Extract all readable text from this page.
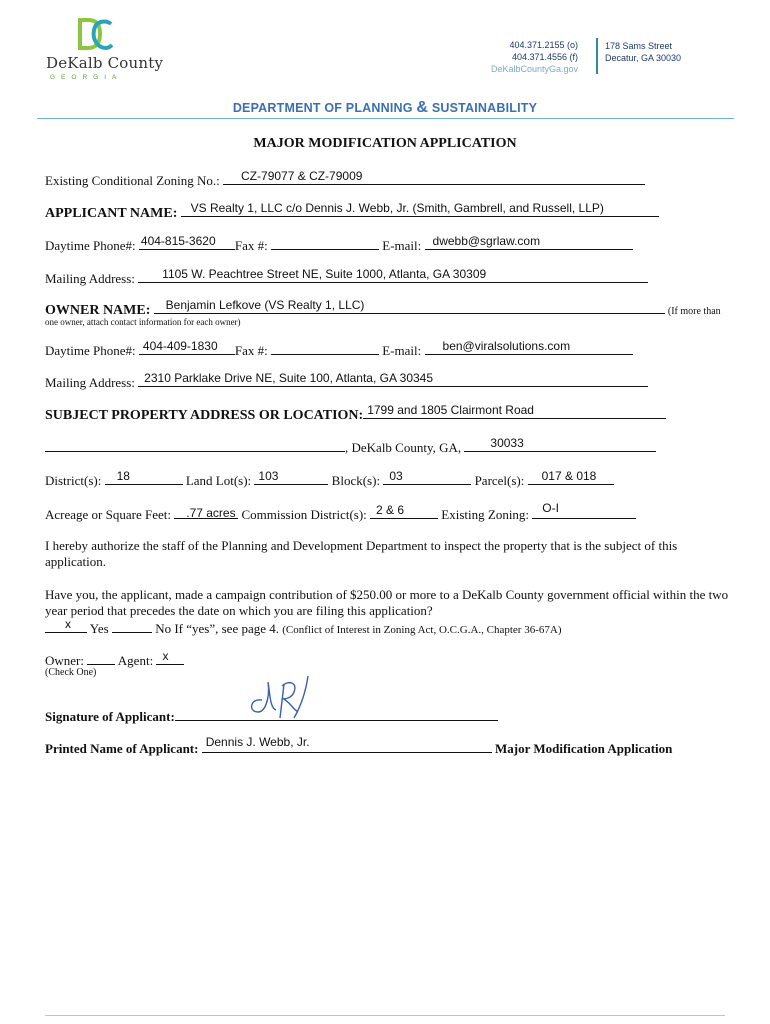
DeKalb County
GEORGIA
404.371.2155 (o)
404.371.4556 (f)
DeKalbCountyGa.gov
178 Sams Street
Decatur, GA 30030
DEPARTMENT OF PLANNING & SUSTAINABILITY
MAJOR MODIFICATION APPLICATION
Existing Conditional Zoning No.: CZ-79077 & CZ-79009
APPLICANT NAME: VS Realty 1, LLC c/o Dennis J. Webb, Jr. (Smith, Gambrell, and Russell, LLP)
Daytime Phone#: 404-815-3620 Fax #:	E-mail: dwebb@sgrlaw.com
Mailing Address: 1105 W. Peachtree Street NE, Suite 1000, Atlanta, GA 30309
OWNER NAME: Benjamin Lefkove (VS Realty 1, LLC)	(If more than
one owner, attach contact information for each owner)
Daytime Phone#: 404-409-1830 Fax #:	E-mail: ben@viralsolutions.com
Mailing Address: 2310 Parklake Drive NE, Suite 100, Atlanta, GA 30345
SUBJECT PROPERTY ADDRESS OR LOCATION: 1799 and 1805 Clairmont Road
, DeKalb County, GA, 30033
District(s): 18	Land Lot(s): 103	Block(s): 03	Parcel(s): 017 & 018
Acreage or Square Feet: .77 acres Commission District(s): 2 & 6	Existing Zoning: O-I
I hereby authorize the staff of the Planning and Development Department to inspect the property that is the subject of this application.
Have you, the applicant, made a campaign contribution of $250.00 or more to a DeKalb County government official within the two year period that precedes the date on which you are filing this application?
x Yes	No If “yes”, see page 4. (Conflict of Interest in Zoning Act, O.C.G.A., Chapter 36-67A)
Owner:	Agent: x
(Check One)
Signature of Applicant:
Printed Name of Applicant: Dennis J. Webb, Jr.	Major Modification Application
